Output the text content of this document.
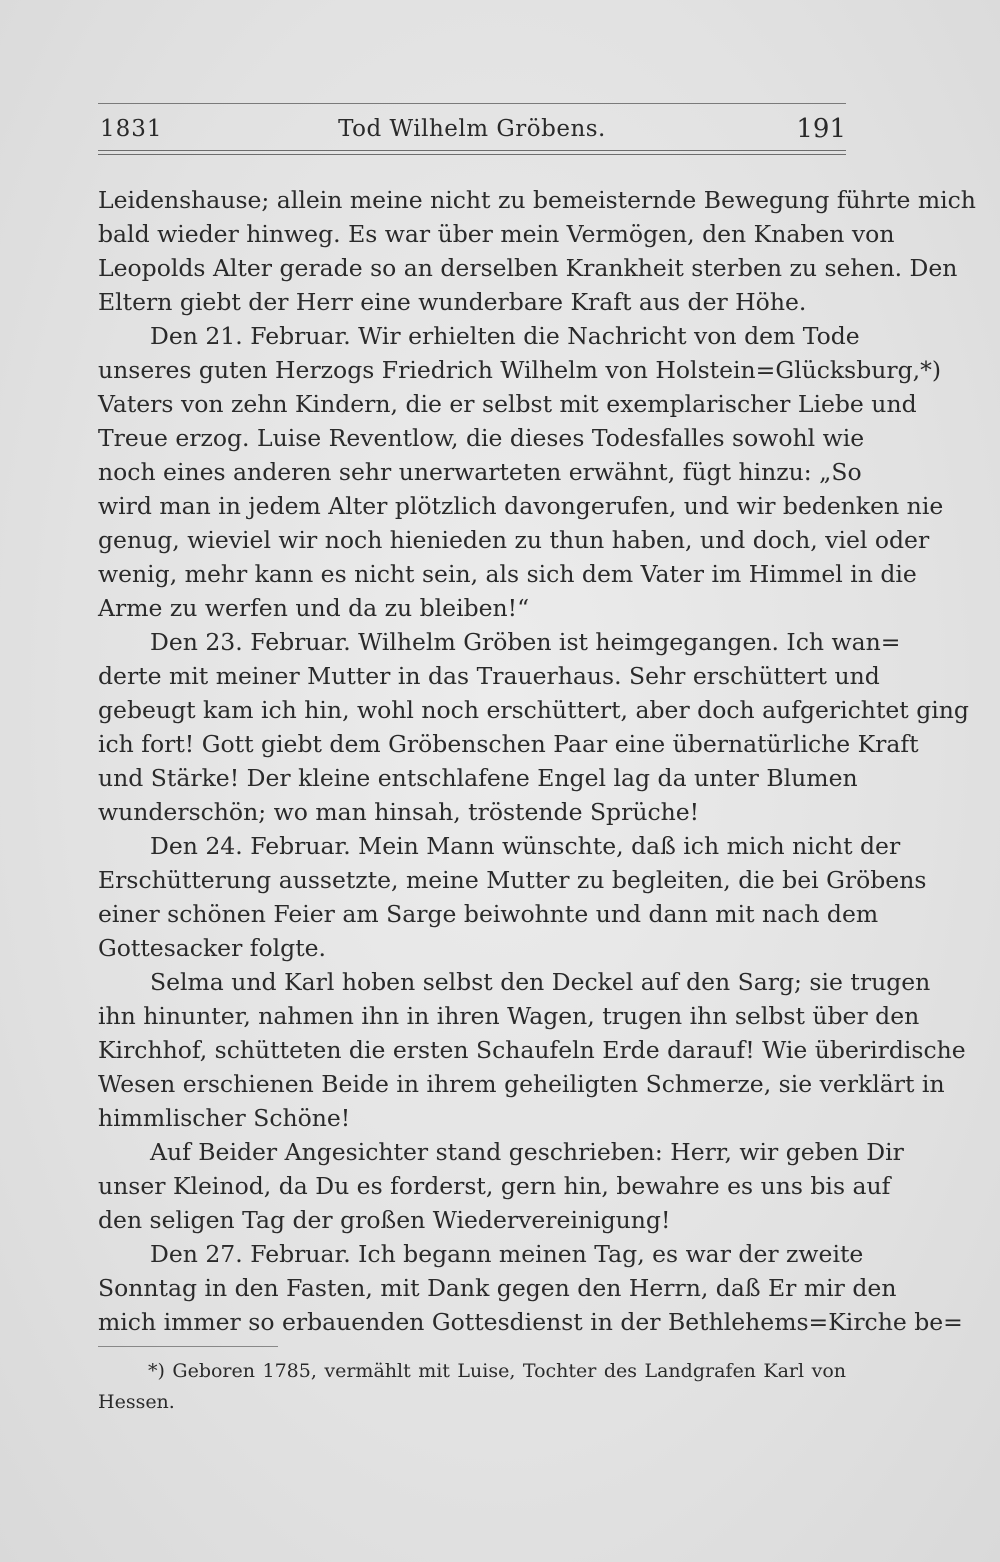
1831	Tod Wilhelm Gröbens.	191
Leidenshause; allein meine nicht zu bemeisternde Bewegung führte mich
bald wieder hinweg. Es war über mein Vermögen, den Knaben von
Leopolds Alter gerade so an derselben Krankheit sterben zu sehen. Den
Eltern giebt der Herr eine wunderbare Kraft aus der Höhe.
Den 21. Februar. Wir erhielten die Nachricht von dem Tode
unseres guten Herzogs Friedrich Wilhelm von Holstein=Glücksburg,*)
Vaters von zehn Kindern, die er selbst mit exemplarischer Liebe und
Treue erzog. Luise Reventlow, die dieses Todesfalles sowohl wie
noch eines anderen sehr unerwarteten erwähnt, fügt hinzu: „So
wird man in jedem Alter plötzlich davongerufen, und wir bedenken nie
genug, wieviel wir noch hienieden zu thun haben, und doch, viel oder
wenig, mehr kann es nicht sein, als sich dem Vater im Himmel in die
Arme zu werfen und da zu bleiben!“
Den 23. Februar. Wilhelm Gröben ist heimgegangen. Ich wan=
derte mit meiner Mutter in das Trauerhaus. Sehr erschüttert und
gebeugt kam ich hin, wohl noch erschüttert, aber doch aufgerichtet ging
ich fort! Gott giebt dem Gröbenschen Paar eine übernatürliche Kraft
und Stärke! Der kleine entschlafene Engel lag da unter Blumen
wunderschön; wo man hinsah, tröstende Sprüche!
Den 24. Februar. Mein Mann wünschte, daß ich mich nicht der
Erschütterung aussetzte, meine Mutter zu begleiten, die bei Gröbens
einer schönen Feier am Sarge beiwohnte und dann mit nach dem
Gottesacker folgte.
Selma und Karl hoben selbst den Deckel auf den Sarg; sie trugen
ihn hinunter, nahmen ihn in ihren Wagen, trugen ihn selbst über den
Kirchhof, schütteten die ersten Schaufeln Erde darauf! Wie überirdische
Wesen erschienen Beide in ihrem geheiligten Schmerze, sie verklärt in
himmlischer Schöne!
Auf Beider Angesichter stand geschrieben: Herr, wir geben Dir
unser Kleinod, da Du es forderst, gern hin, bewahre es uns bis auf
den seligen Tag der großen Wiedervereinigung!
Den 27. Februar. Ich begann meinen Tag, es war der zweite
Sonntag in den Fasten, mit Dank gegen den Herrn, daß Er mir den
mich immer so erbauenden Gottesdienst in der Bethlehems=Kirche be=
*) Geboren 1785, vermählt mit Luise, Tochter des Landgrafen Karl von
Hessen.
